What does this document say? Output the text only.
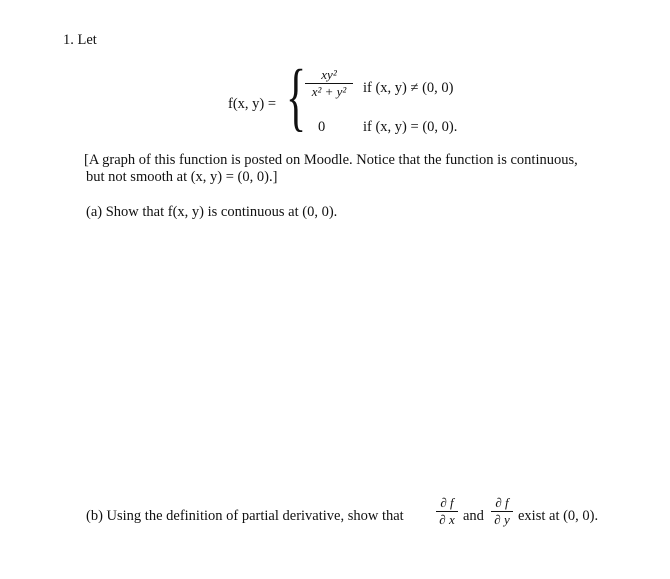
1. Let
f(x, y) = { xy²
x² + y² if (x, y) ≠ (0, 0)
0	if (x, y) = (0, 0).
[A graph of this function is posted on Moodle. Notice that the function is continuous,
but not smooth at (x, y) = (0, 0).]
(a) Show that f(x, y) is continuous at (0, 0).
(b) Using the definition of partial derivative, show that
∂ f
∂ x and
∂ f
∂ y exist at (0, 0).
